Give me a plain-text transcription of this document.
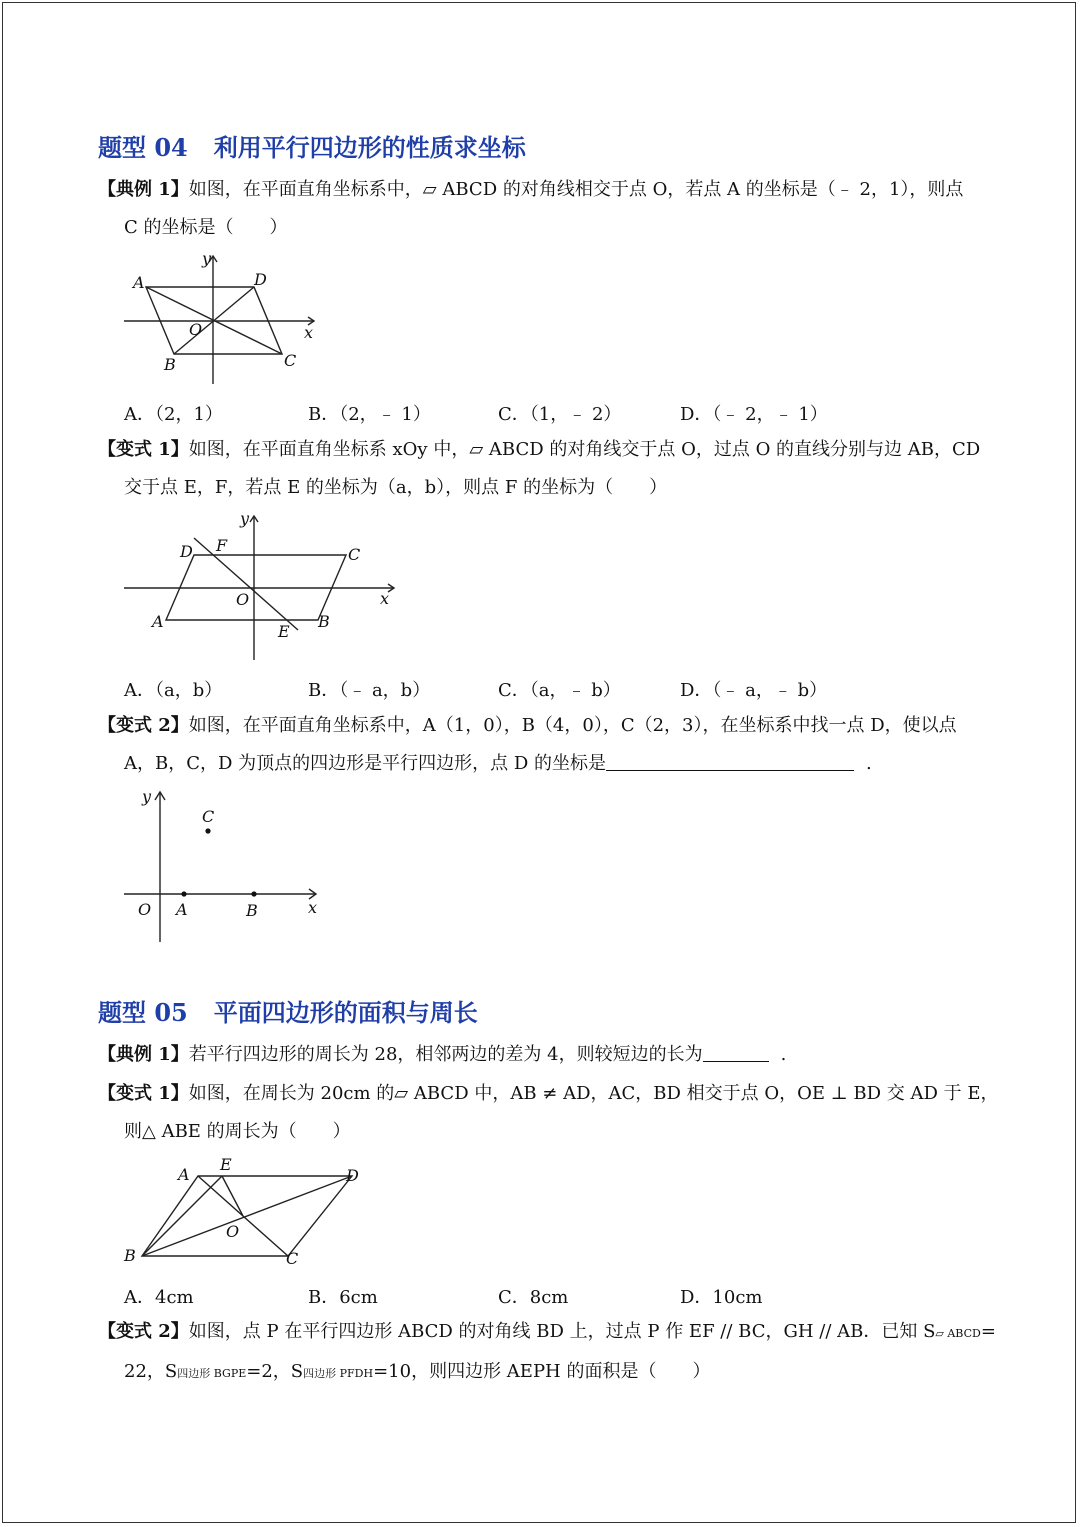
题型 04 利用平行四边形的性质求坐标
【典例 1】如图，在平面直角坐标系中，▱ ABCD 的对角线相交于点 O，若点 A 的坐标是（﹣ 2，1），则点
C 的坐标是（　　）
A	D
O	x
y
B	C
A．（2，1）	B．（2，﹣ 1）	C．（1，﹣ 2）	D．（﹣ 2，﹣ 1）
【变式 1】如图，在平面直角坐标系 xOy 中，▱ ABCD 的对角线交于点 O，过点 O 的直线分别与边 AB，CD
交于点 E，F，若点 E 的坐标为（a，b），则点 F 的坐标为（　　）
D F	C
O	x
y
A
E
B
A．（a，b）	B．（﹣ a，b）	C．（a，﹣ b）	D．（﹣ a，﹣ b）
【变式 2】如图，在平面直角坐标系中，A（1，0），B（4，0），C（2，3），在坐标系中找一点 D，使以点
A，B，C，D 为顶点的四边形是平行四边形，点 D 的坐标是	.
y
C
O A	B	x
题型 05 平面四边形的面积与周长
【典例 1】若平行四边形的周长为 28，相邻两边的差为 4，则较短边的长为	.
【变式 1】如图，在周长为 20cm 的▱ ABCD 中，AB ≠ AD，AC，BD 相交于点 O，OE ⊥ BD 交 AD 于 E，
则△ ABE 的周长为（　　）
A
E
D
O
B	C
A．4cm	B．6cm	C．8cm	D．10cm
【变式 2】如图，点 P 在平行四边形 ABCD 的对角线 BD 上，过点 P 作 EF // BC，GH // AB．已知 S▱ ABCD=
22，S四边形 BGPE=2，S四边形 PFDH=10，则四边形 AEPH 的面积是（　　）
